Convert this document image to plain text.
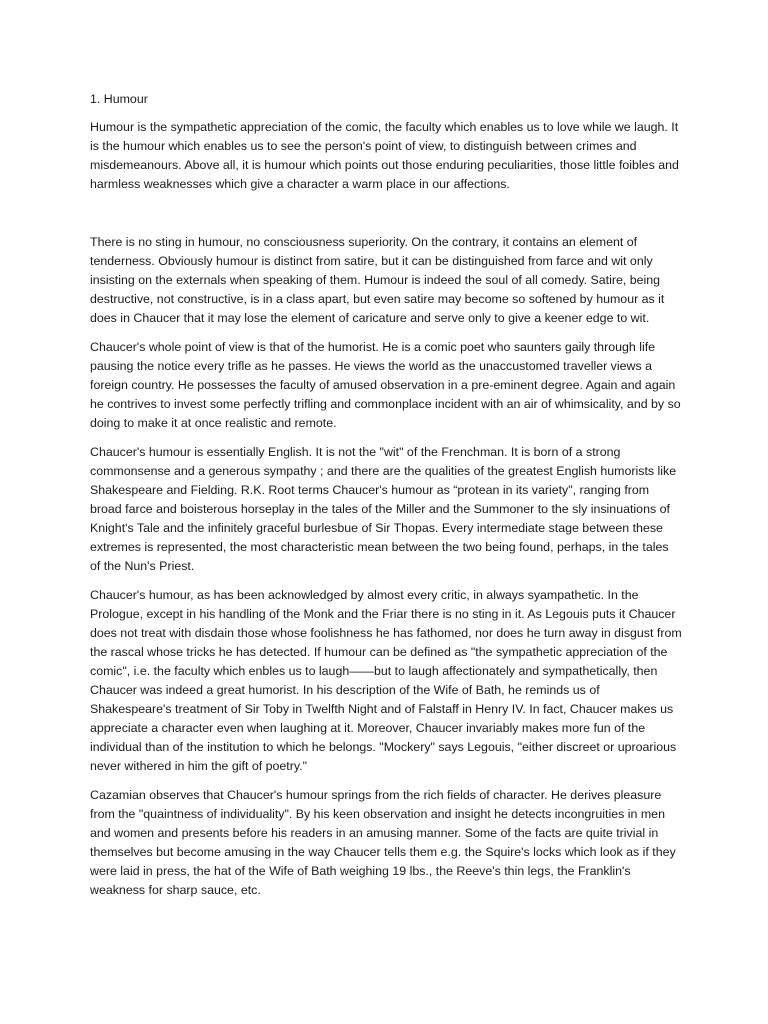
1. Humour

Humour is the sympathetic appreciation of the comic, the faculty which enables us to love while we laugh. It is the humour which enables us to see the person's point of view, to distinguish between crimes and misdemeanours. Above all, it is humour which points out those enduring peculiarities, those little foibles and harmless weaknesses which give a character a warm place in our affections.

There is no sting in humour, no consciousness superiority. On the contrary, it contains an element of tenderness. Obviously humour is distinct from satire, but it can be distinguished from farce and wit only insisting on the externals when speaking of them. Humour is indeed the soul of all comedy. Satire, being destructive, not constructive, is in a class apart, but even satire may become so softened by humour as it does in Chaucer that it may lose the element of caricature and serve only to give a keener edge to wit.

Chaucer's whole point of view is that of the humorist. He is a comic poet who saunters gaily through life pausing the notice every trifle as he passes. He views the world as the unaccustomed traveller views a foreign country. He possesses the faculty of amused observation in a pre-eminent degree. Again and again he contrives to invest some perfectly trifling and commonplace incident with an air of whimsicality, and by so doing to make it at once realistic and remote.

Chaucer's humour is essentially English. It is not the "wit" of the Frenchman. It is born of a strong commonsense and a generous sympathy ; and there are the qualities of the greatest English humorists like Shakespeare and Fielding. R.K. Root terms Chaucer's humour as “protean in its variety", ranging from broad farce and boisterous horseplay in the tales of the Miller and the Summoner to the sly insinuations of Knight's Tale and the infinitely graceful burlesbue of Sir Thopas. Every intermediate stage between these extremes is represented, the most characteristic mean between the two being found, perhaps, in the tales of the Nun's Priest.

Chaucer's humour, as has been acknowledged by almost every critic, in always syampathetic. In the Prologue, except in his handling of the Monk and the Friar there is no sting in it. As Legouis puts it Chaucer does not treat with disdain those whose foolishness he has fathomed, nor does he turn away in disgust from the rascal whose tricks he has detected. If humour can be defined as "the sympathetic appreciation of the comic", i.e. the faculty which enbles us to laugh——but to laugh affectionately and sympathetically, then Chaucer was indeed a great humorist. In his description of the Wife of Bath, he reminds us of Shakespeare's treatment of Sir Toby in Twelfth Night and of Falstaff in Henry IV. In fact, Chaucer makes us appreciate a character even when laughing at it. Moreover, Chaucer invariably makes more fun of the individual than of the institution to which he belongs. "Mockery" says Legouis, "either discreet or uproarious never withered in him the gift of poetry."

Cazamian observes that Chaucer's humour springs from the rich fields of character. He derives pleasure from the "quaintness of individuality". By his keen observation and insight he detects incongruities in men and women and presents before his readers in an amusing manner. Some of the facts are quite trivial in themselves but become amusing in the way Chaucer tells them e.g. the Squire's locks which look as if they were laid in press, the hat of the Wife of Bath weighing 19 lbs., the Reeve's thin legs, the Franklin's weakness for sharp sauce, etc.
